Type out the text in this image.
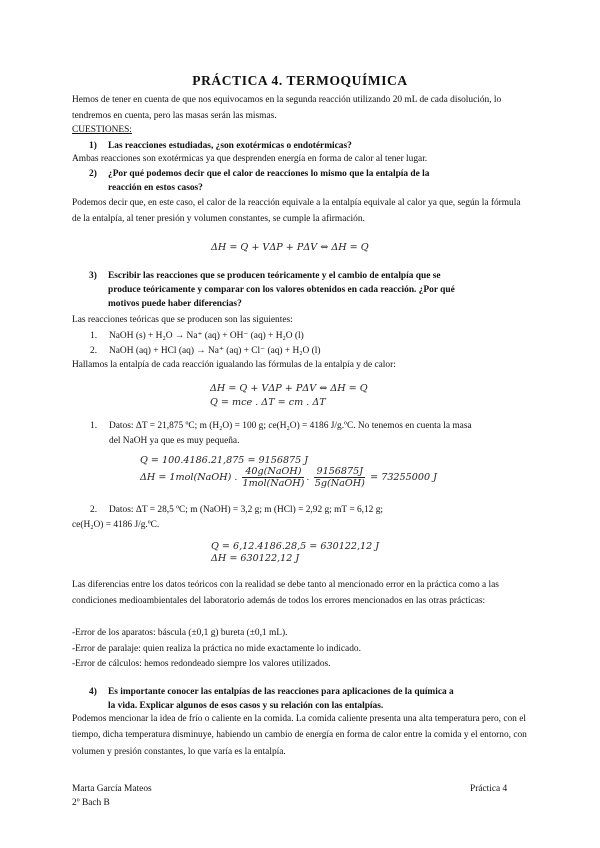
PRÁCTICA 4. TERMOQUÍMICA
Hemos de tener en cuenta de que nos equivocamos en la segunda reacción utilizando 20 mL de cada disolución, lo tendremos en cuenta, pero las masas serán las mismas.
CUESTIONES:
1) Las reacciones estudiadas, ¿son exotérmicas o endotérmicas?
Ambas reacciones son exotérmicas ya que desprenden energía en forma de calor al tener lugar.
2) ¿Por qué podemos decir que el calor de reacciones lo mismo que la entalpía de la
reacción en estos casos?
Podemos decir que, en este caso, el calor de la reacción equivale a la entalpía equivale al calor ya que, según la fórmula de la entalpía, al tener presión y volumen constantes, se cumple la afirmación.
ΔH = Q + VΔP + PΔV ⇔ ΔH = Q
3) Escribir las reacciones que se producen teóricamente y el cambio de entalpía que se
produce teóricamente y comparar con los valores obtenidos en cada reacción. ¿Por qué
motivos puede haber diferencias?
Las reacciones teóricas que se producen son las siguientes:
1. NaOH (s) + H₂O → Na⁺ (aq) + OH⁻ (aq) + H₂O (l)
2. NaOH (aq) + HCl (aq) → Na⁺ (aq) + Cl⁻ (aq) + H₂O (l)
Hallamos la entalpía de cada reacción igualando las fórmulas de la entalpía y de calor:
ΔH = Q + VΔP + PΔV ⇔ ΔH = Q
Q = mce . ΔT = cm . ΔT
1. Datos: ΔT = 21,875 ºC; m (H₂O) = 100 g; ce(H₂O) = 4186 J/g.ºC. No tenemos en cuenta la masa
del NaOH ya que es muy pequeña.
Q = 100.4186.21,875 = 9156875 J
ΔH = 1mol(NaOH) . $\frac{\text{40g(NaOH)}}{\text{1mol(NaOH)}}$ . $\frac{9156875J}{\text{5g(NaOH)}} = 73255000$ J
2. Datos: ΔT = 28,5 ºC; m (NaOH) = 3,2 g; m (HCl) = 2,92 g; mT = 6,12 g;
ce(H₂O) = 4186 J/g.ºC.
Q = 6,12.4186.28,5 = 630122,12 J
ΔH = 630122,12 J
Las diferencias entre los datos teóricos con la realidad se debe tanto al mencionado error en la práctica como a las condiciones medioambientales del laboratorio además de todos los errores mencionados en las otras prácticas:
-Error de los aparatos: báscula (±0,1 g) bureta (±0,1 mL).
-Error de paralaje: quien realiza la práctica no mide exactamente lo indicado.
-Error de cálculos: hemos redondeado siempre los valores utilizados.
4) Es importante conocer las entalpías de las reacciones para aplicaciones de la química a
la vida. Explicar algunos de esos casos y su relación con las entalpías.
Podemos mencionar la idea de frío o caliente en la comida. La comida caliente presenta una alta temperatura pero, con el tiempo, dicha temperatura disminuye, habiendo un cambio de energía en forma de calor entre la comida y el entorno, con volumen y presión constantes, lo que varía es la entalpía.
Marta García Mateos
2º Bach B
Práctica 4
